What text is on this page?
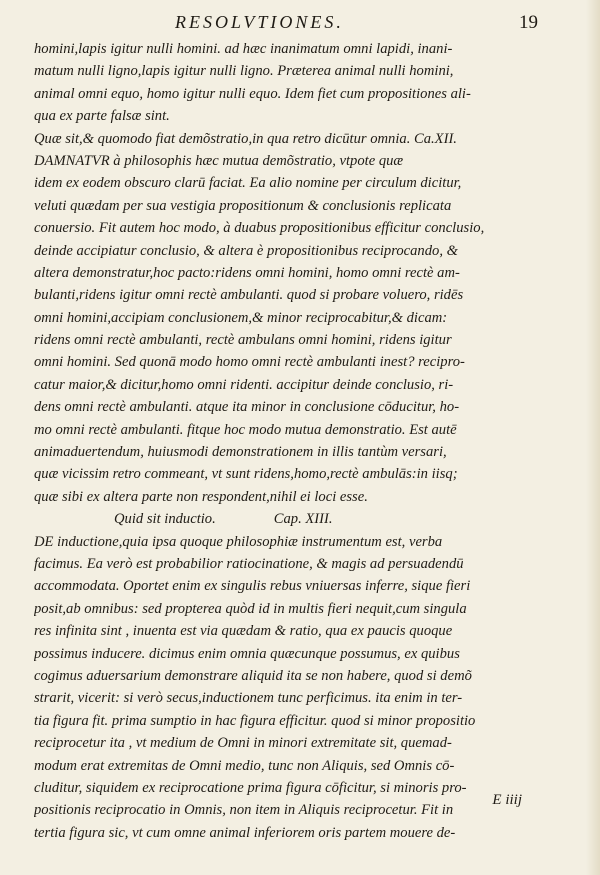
RESOLVTIONES.	19
homini,lapis igitur nulli homini. ad hæc inanimatum omni lapidi, inani-
matum nulli ligno,lapis igitur nulli ligno. Præterea animal nulli homini,
animal omni equo, homo igitur nulli equo. Idem fiet cum propositiones ali-
qua ex parte falsæ sint.
Quæ sit,& quomodo fiat demõstratio,in qua retro dicūtur omnia. Ca.XII.
DAMNATVR à philosophis hæc mutua demõstratio, vtpote quæ
idem ex eodem obscuro clarū faciat. Ea alio nomine per circulum dicitur,
veluti quædam per sua vestigia propositionum & conclusionis replicata
conuersio. Fit autem hoc modo, à duabus propositionibus efficitur conclusio,
deinde accipiatur conclusio, & altera è propositionibus reciprocando, &
altera demonstratur,hoc pacto:ridens omni homini, homo omni rectè am-
bulanti,ridens igitur omni rectè ambulanti. quod si probare voluero, ridēs
omni homini,accipiam conclusionem,& minor reciprocabitur,& dicam:
ridens omni rectè ambulanti, rectè ambulans omni homini, ridens igitur
omni homini. Sed quonā modo homo omni rectè ambulanti inest? recipro-
catur maior,& dicitur,homo omni ridenti. accipitur deinde conclusio, ri-
dens omni rectè ambulanti. atque ita minor in conclusione cōducitur, ho-
mo omni rectè ambulanti. fitque hoc modo mutua demonstratio. Est autē
animaduertendum, huiusmodi demonstrationem in illis tantùm versari,
quæ vicissim retro commeant, vt sunt ridens,homo,rectè ambulās:in iisq;
quæ sibi ex altera parte non respondent,nihil ei loci esse.
Quid sit inductio.	Cap. XIII.
DE inductione,quia ipsa quoque philosophiæ instrumentum est, verba
facimus. Ea verò est probabilior ratiocinatione, & magis ad persuadendū
accommodata. Oportet enim ex singulis rebus vniuersas inferre, sique fieri
posit,ab omnibus: sed propterea quòd id in multis fieri nequit,cum singula
res infinita sint , inuenta est via quædam & ratio, qua ex paucis quoque
possimus inducere. dicimus enim omnia quæcunque possumus, ex quibus
cogimus aduersarium demonstrare aliquid ita se non habere, quod si demõ
strarit, vicerit: si verò secus,inductionem tunc perficimus. ita enim in ter-
tia figura fit. prima sumptio in hac figura efficitur. quod si minor propositio
reciprocetur ita , vt medium de Omni in minori extremitate sit, quemad-
modum erat extremitas de Omni medio, tunc non Aliquis, sed Omnis cō-
cluditur, siquidem ex reciprocatione prima figura cōficitur, si minoris pro-
positionis reciprocatio in Omnis, non item in Aliquis reciprocetur. Fit in
tertia figura sic, vt cum omne animal inferiorem oris partem mouere de-
E iiij
